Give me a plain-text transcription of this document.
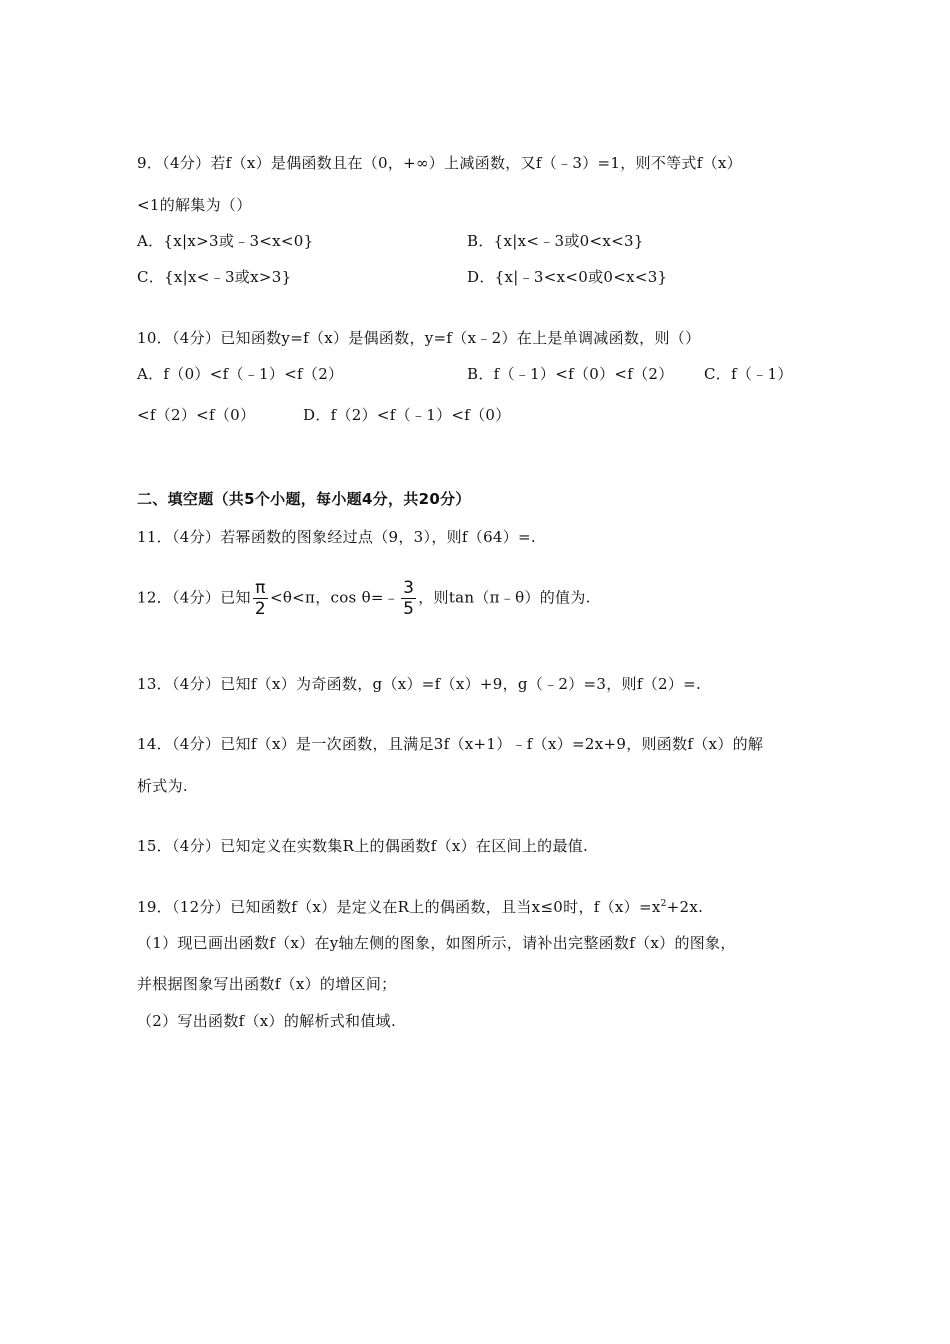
9．（4分）若f（x）是偶函数且在（0，+∞）上减函数，又f（﹣3）=1，则不等式f（x）
<1的解集为（）
A．{x|x>3或﹣3<x<0}	B．{x|x<﹣3或0<x<3}
C．{x|x<﹣3或x>3}	D．{x|﹣3<x<0或0<x<3}
10．（4分）已知函数y=f（x）是偶函数，y=f（x﹣2）在上是单调减函数，则（）
A．f（0）<f（﹣1）<f（2）	B．f（﹣1）<f（0）<f（2） C．f（﹣1）
<f（2）<f（0）	D．f（2）<f（﹣1）<f（0）
二、填空题（共5个小题，每小题4分，共20分）
11．（4分）若幂函数的图象经过点（9，3），则f（64）=.
12．（4分）已知 $\frac{\pi}{2} <\theta<\pi$，cos θ=﹣ $\frac{3}{5}$ ，则tan（π﹣θ）的值为.
13．（4分）已知f（x）为奇函数，g（x）=f（x）+9，g（﹣2）=3，则f（2）=.
14．（4分）已知f（x）是一次函数，且满足3f（x+1）﹣f（x）=2x+9，则函数f（x）的解
析式为.
15．（4分）已知定义在实数集R上的偶函数f（x）在区间上的最值.
19．（12分）已知函数f（x）是定义在R上的偶函数，且当x≤0时，$f(x)=x^2+2x$.
（1）现已画出函数f（x）在y轴左侧的图象，如图所示，请补出完整函数f（x）的图象，
并根据图象写出函数f（x）的增区间；
（2）写出函数f（x）的解析式和值域.
